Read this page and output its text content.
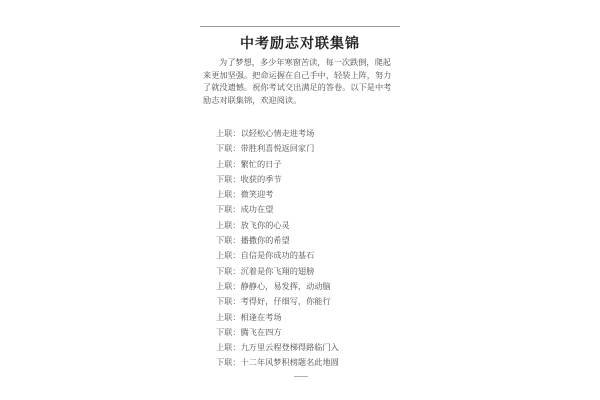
中考励志对联集锦

为了梦想，多少年寒窗苦读，每一次跌倒，爬起来更加坚强。把命运握在自己手中，轻装上阵，努力了就没遗憾。祝你考试交出满足的答卷。以下是中考励志对联集锦，欢迎阅读。

上联：以轻松心情走进考场
下联：带胜利喜悦返回家门
上联：繁忙的日子
下联：收获的季节
上联：微笑迎考
下联：成功在望
上联：放飞你的心灵
下联：播撒你的希望
上联：自信是你成功的基石
下联：沉着是你飞翔的翅膀
上联：静静心，易发挥，动动脑
下联：考得好，仔细写，你能行
上联：相逢在考场
下联：腾飞在四方
上联：九万里云程登梯得路临门入
下联：十二年风梦积榜题名此地圆
